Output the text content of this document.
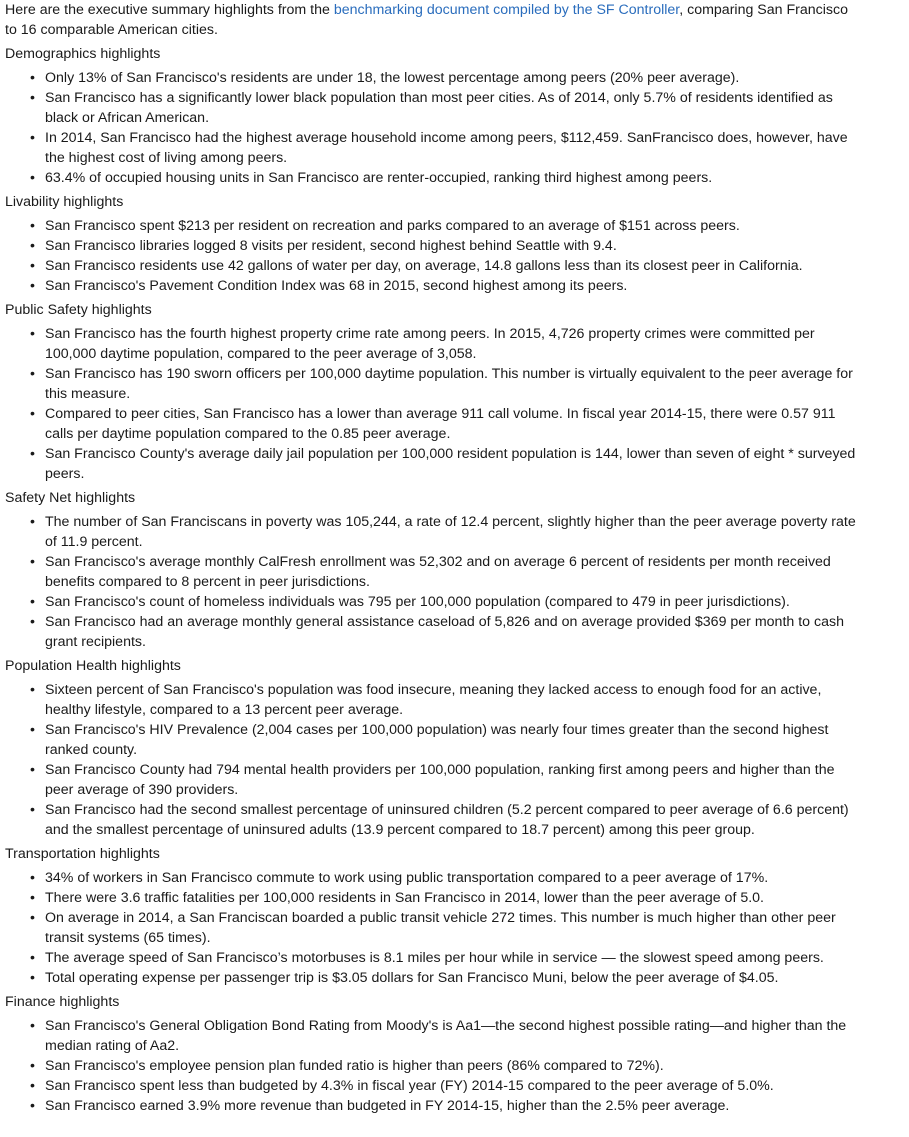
Here are the executive summary highlights from the benchmarking document compiled by the SF Controller, comparing San Francisco to 16 comparable American cities.

Demographics highlights
• Only 13% of San Francisco's residents are under 18, the lowest percentage among peers (20% peer average).
• San Francisco has a significantly lower black population than most peer cities. As of 2014, only 5.7% of residents identified as black or African American.
• In 2014, San Francisco had the highest average household income among peers, $112,459. SanFrancisco does, however, have the highest cost of living among peers.
• 63.4% of occupied housing units in San Francisco are renter-occupied, ranking third highest among peers.
Livability highlights
• San Francisco spent $213 per resident on recreation and parks compared to an average of $151 across peers.
• San Francisco libraries logged 8 visits per resident, second highest behind Seattle with 9.4.
• San Francisco residents use 42 gallons of water per day, on average, 14.8 gallons less than its closest peer in California.
• San Francisco's Pavement Condition Index was 68 in 2015, second highest among its peers.
Public Safety highlights
• San Francisco has the fourth highest property crime rate among peers. In 2015, 4,726 property crimes were committed per 100,000 daytime population, compared to the peer average of 3,058.
• San Francisco has 190 sworn officers per 100,000 daytime population. This number is virtually equivalent to the peer average for this measure.
• Compared to peer cities, San Francisco has a lower than average 911 call volume. In fiscal year 2014-15, there were 0.57 911 calls per daytime population compared to the 0.85 peer average.
• San Francisco County's average daily jail population per 100,000 resident population is 144, lower than seven of eight * surveyed peers.
Safety Net highlights
• The number of San Franciscans in poverty was 105,244, a rate of 12.4 percent, slightly higher than the peer average poverty rate of 11.9 percent.
• San Francisco's average monthly CalFresh enrollment was 52,302 and on average 6 percent of residents per month received benefits compared to 8 percent in peer jurisdictions.
• San Francisco's count of homeless individuals was 795 per 100,000 population (compared to 479 in peer jurisdictions).
• San Francisco had an average monthly general assistance caseload of 5,826 and on average provided $369 per month to cash grant recipients.
Population Health highlights
• Sixteen percent of San Francisco's population was food insecure, meaning they lacked access to enough food for an active, healthy lifestyle, compared to a 13 percent peer average.
• San Francisco's HIV Prevalence (2,004 cases per 100,000 population) was nearly four times greater than the second highest ranked county.
• San Francisco County had 794 mental health providers per 100,000 population, ranking first among peers and higher than the peer average of 390 providers.
• San Francisco had the second smallest percentage of uninsured children (5.2 percent compared to peer average of 6.6 percent) and the smallest percentage of uninsured adults (13.9 percent compared to 18.7 percent) among this peer group.
Transportation highlights
• 34% of workers in San Francisco commute to work using public transportation compared to a peer average of 17%.
• There were 3.6 traffic fatalities per 100,000 residents in San Francisco in 2014, lower than the peer average of 5.0.
• On average in 2014, a San Franciscan boarded a public transit vehicle 272 times. This number is much higher than other peer transit systems (65 times).
• The average speed of San Francisco’s motorbuses is 8.1 miles per hour while in service — the slowest speed among peers.
• Total operating expense per passenger trip is $3.05 dollars for San Francisco Muni, below the peer average of $4.05.
Finance highlights
• San Francisco's General Obligation Bond Rating from Moody's is Aa1—the second highest possible rating—and higher than the median rating of Aa2.
• San Francisco's employee pension plan funded ratio is higher than peers (86% compared to 72%).
• San Francisco spent less than budgeted by 4.3% in fiscal year (FY) 2014-15 compared to the peer average of 5.0%.
• San Francisco earned 3.9% more revenue than budgeted in FY 2014-15, higher than the 2.5% peer average.
